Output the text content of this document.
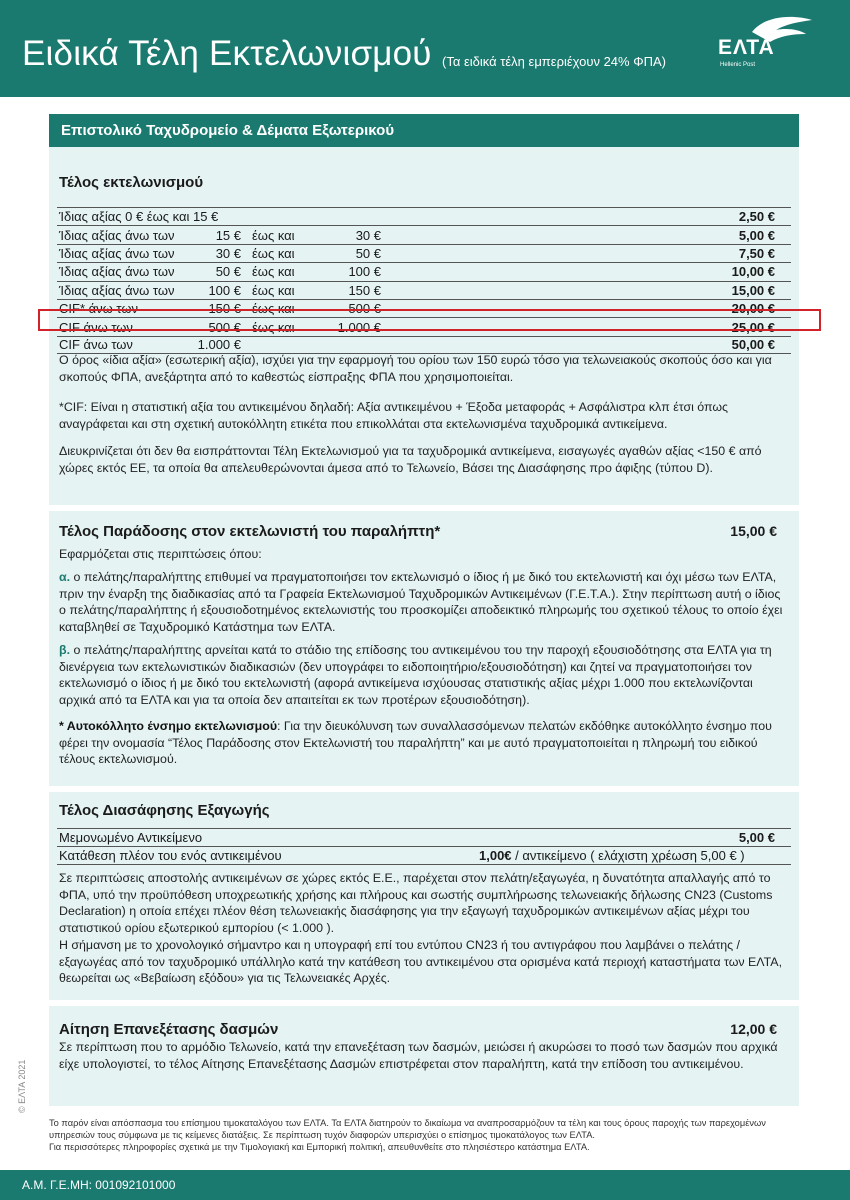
Ειδικά Τέλη Εκτελωνισμού (Τα ειδικά τέλη εμπεριέχουν 24% ΦΠΑ)
ΕΛΤΑ
Hellenic Post
Επιστολικό Ταχυδρομείο & Δέματα Εξωτερικού
Τέλος εκτελωνισμού
Ίδιας αξίας 0 € έως και 15 €	2,50 €
Ίδιας αξίας άνω των	15 € έως και	30 €	5,00 €
Ίδιας αξίας άνω των	30 € έως και	50 €	7,50 €
Ίδιας αξίας άνω των	50 € έως και	100 €	10,00 €
Ίδιας αξίας άνω των	100 € έως και	150 €	15,00 €
CIF* άνω των	150 € έως και	500 €	20,00 €
CIF άνω των	500 € έως και	1.000 €	25,00 €
CIF άνω των	1.000 €	50,00 €
Ο όρος «ίδια αξία» (εσωτερική αξία), ισχύει για την εφαρμογή του ορίου των 150 ευρώ τόσο για τελωνειακούς σκοπούς όσο και για σκοπούς ΦΠΑ, ανεξάρτητα από το καθεστώς είσπραξης ΦΠΑ που χρησιμοποιείται.
*CIF: Είναι η στατιστική αξία του αντικειμένου δηλαδή: Αξία αντικειμένου + Έξοδα μεταφοράς + Ασφάλιστρα κλπ έτσι όπως αναγράφεται και στη σχετική αυτοκόλλητη ετικέτα που επικολλάται στα εκτελωνισμένα ταχυδρομικά αντικείμενα.
Διευκρινίζεται ότι δεν θα εισπράττονται Τέλη Εκτελωνισμού για τα ταχυδρομικά αντικείμενα, εισαγωγές αγαθών αξίας <150 € από χώρες εκτός ΕΕ, τα οποία θα απελευθερώνονται άμεσα από το Τελωνείο, Βάσει της Διασάφησης προ άφιξης (τύπου D).
Τέλος Παράδοσης στον εκτελωνιστή του παραλήπτη*	15,00 €
Εφαρμόζεται στις περιπτώσεις όπου:
α. ο πελάτης/παραλήπτης επιθυμεί να πραγματοποιήσει τον εκτελωνισμό ο ίδιος ή με δικό του εκτελωνιστή και όχι μέσω των ΕΛΤΑ, πριν την έναρξη της διαδικασίας από τα Γραφεία Εκτελωνισμού Ταχυδρομικών Αντικειμένων (Γ.Ε.Τ.Α.). Στην περίπτωση αυτή ο ίδιος ο πελάτης/παραλήπτης ή εξουσιοδοτημένος εκτελωνιστής του προσκομίζει αποδεικτικό πληρωμής του σχετικού τέλους το οποίο έχει καταβληθεί σε Ταχυδρομικό Κατάστημα των ΕΛΤΑ.
β. ο πελάτης/παραλήπτης αρνείται κατά το στάδιο της επίδοσης του αντικειμένου του την παροχή εξουσιοδότησης στα ΕΛΤΑ για τη διενέργεια των εκτελωνιστικών διαδικασιών (δεν υπογράφει το ειδοποιητήριο/εξουσιοδότηση) και ζητεί να πραγματοποιήσει τον εκτελωνισμό ο ίδιος ή με δικό του εκτελωνιστή (αφορά αντικείμενα ισχύουσας στατιστικής αξίας μέχρι 1.000 που εκτελωνίζονται αρχικά από τα ΕΛΤΑ και για τα οποία δεν απαιτείται εκ των προτέρων εξουσιοδότηση).
* Αυτοκόλλητο ένσημο εκτελωνισμού: Για την διευκόλυνση των συναλλασσόμενων πελατών εκδόθηκε αυτοκόλλητο ένσημο που φέρει την ονομασία “Τέλος Παράδοσης στον Εκτελωνιστή του παραλήπτη” και με αυτό πραγματοποιείται η πληρωμή του ειδικού τέλους εκτελωνισμού.
Τέλος Διασάφησης Εξαγωγής
Μεμονωμένο Αντικείμενο	5,00 €
Κατάθεση πλέον του ενός αντικειμένου	1,00€ / αντικείμενο ( ελάχιστη χρέωση 5,00 € )
Σε περιπτώσεις αποστολής αντικειμένων σε χώρες εκτός Ε.Ε., παρέχεται στον πελάτη/εξαγωγέα, η δυνατότητα απαλλαγής από το ΦΠΑ, υπό την προϋπόθεση υποχρεωτικής χρήσης και πλήρους και σωστής συμπλήρωσης τελωνειακής δήλωσης CN23 (Customs Declaration) η οποία επέχει πλέον θέση τελωνειακής διασάφησης για την εξαγωγή ταχυδρομικών αντικειμένων αξίας μέχρι του στατιστικού ορίου εξωτερικού εμπορίου (< 1.000 ).
Η σήμανση με το χρονολογικό σήμαντρο και η υπογραφή επί του εντύπου CN23 ή του αντιγράφου που λαμβάνει ο πελάτης / εξαγωγέας από τον ταχυδρομικό υπάλληλο κατά την κατάθεση του αντικειμένου στα ορισμένα κατά περιοχή καταστήματα των ΕΛΤΑ, θεωρείται ως «Βεβαίωση εξόδου» για τις Τελωνειακές Αρχές.
Αίτηση Επανεξέτασης δασμών	12,00 €
Σε περίπτωση που το αρμόδιο Τελωνείο, κατά την επανεξέταση των δασμών, μειώσει ή ακυρώσει το ποσό των δασμών που αρχικά είχε υπολογιστεί, το τέλος Αίτησης Επανεξέτασης Δασμών επιστρέφεται στον παραλήπτη, κατά την επίδοση του αντικειμένου.
© ΕΛΤΑ 2021
Το παρόν είναι απόσπασμα του επίσημου τιμοκαταλόγου των ΕΛΤΑ. Τα ΕΛΤΑ διατηρούν το δικαίωμα να αναπροσαρμόζουν τα τέλη και τους όρους παροχής των παρεχομένων υπηρεσιών τους σύμφωνα με τις κείμενες διατάξεις. Σε περίπτωση τυχόν διαφορών υπερισχύει ο επίσημος τιμοκατάλογος των ΕΛΤΑ.
Για περισσότερες πληροφορίες σχετικά με την Τιμολογιακή και Εμπορική πολιτική, απευθυνθείτε στο πλησιέστερο κατάστημα ΕΛΤΑ.
Α.Μ. Γ.Ε.ΜΗ: 001092101000
